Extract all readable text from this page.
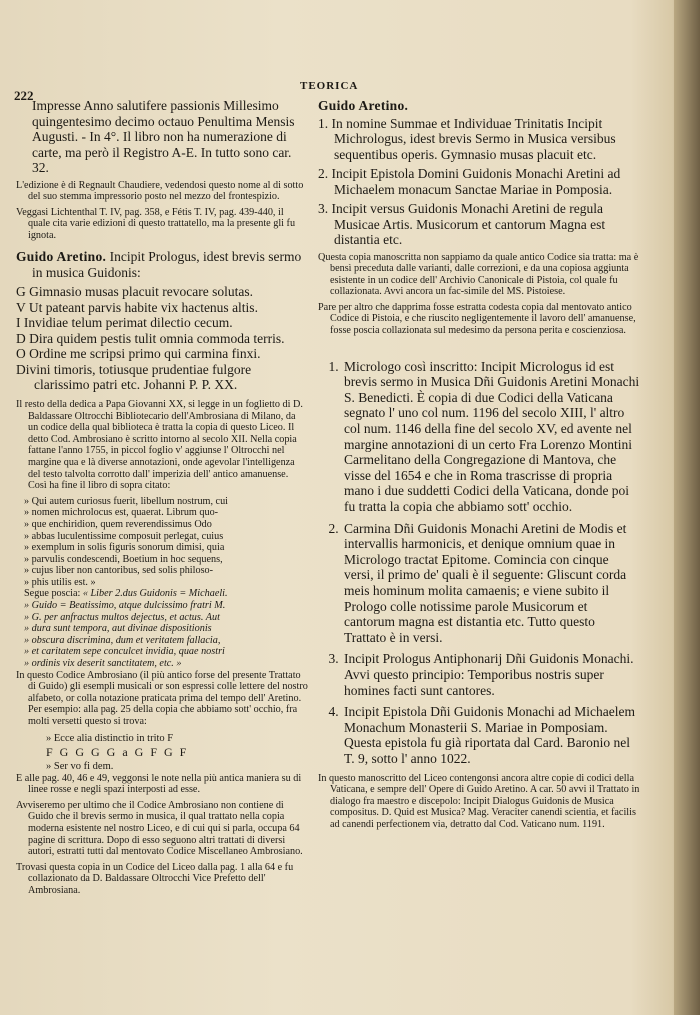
222
TEORICA

Impresse Anno salutifere passionis Millesimo quingentesimo decimo octauo Penultima Mensis Augusti. - In 4°. Il libro non ha numerazione di carte, ma però il Registro A-E. In tutto sono car. 32.

L'edizione è di Regnault Chaudiere, vedendosi questo nome al di sotto del suo stemma impressorio posto nel mezzo del frontespizio.

Veggasi Lichtenthal T. IV, pag. 358, e Fétis T. IV, pag. 439-440, il quale cita varie edizioni di questo trattatello, ma la presente gli fu ignota.

Guido Aretino. Incipit Prologus, idest brevis sermo in musica Guidonis:

G Gimnasio musas placuit revocare solutas.
V Ut pateant parvis habite vix hactenus altis.
I Invidiae telum perimat dilectio cecum.
D Dira quidem pestis tulit omnia commoda terris.
O Ordine me scripsi primo qui carmina finxi.
Divini timoris, totiusque prudentiae fulgore clarissimo patri etc. Johanni P. P. XX.

Il resto della dedica a Papa Giovanni XX, si legge in un foglietto di D. Baldassare Oltrocchi Bibliotecario dell'Ambrosiana di Milano, da un codice della qual biblioteca è tratta la copia di questo Liceo. Il detto Cod. Ambrosiano è scritto intorno al secolo XII. Nella copia fattane l'anno 1755, in piccol foglio v' aggiunse l' Oltrocchi nel margine qua e là diverse annotazioni, onde agevolar l'intelligenza del testo talvolta corrotto dall' imperizia dell' antico amanuense. Così ha fine il libro di sopra citato:

» Qui autem curiosus fuerit, libellum nostrum, cui
» nomen michrolocus est, quaerat. Librum quo-
» que enchiridion, quem reverendissimus Odo
» abbas luculentissime composuit perlegat, cuius
» exemplum in solis figuris sonorum dimisi, quia
» parvulis condescendi, Boetium in hoc sequens,
» cujus liber non cantoribus, sed solis philoso-
» phis utilis est. »
Segue poscia: « Liber 2.dus Guidonis = Michaeli.
» Guido = Beatissimo, atque dulcissimo fratri M.
» G. per anfractus multos dejectus, et actus. Aut
» dura sunt tempora, aut divinae dispositionis
» obscura discrimina, dum et veritatem fallacia,
» et caritatem sepe conculcet invidia, quae nostri
» ordinis vix deserit sanctitatem, etc. »

In questo Codice Ambrosiano (il più antico forse del presente Trattato di Guido) gli esempli musicali or son espressi colle lettere del nostro alfabeto, or colla notazione praticata prima del tempo dell' Aretino. Per esempio: alla pag. 25 della copia che abbiamo sott' occhio, fra molti versetti questo si trova:

» Ecce alia distinctio in trito F
F G G G G a G F G F
» Ser vo fi dem.

E alle pag. 40, 46 e 49, veggonsi le note nella più antica maniera su di linee rosse e negli spazi interposti ad esse.

Avviseremo per ultimo che il Codice Ambrosiano non contiene di Guido che il brevis sermo in musica, il qual trattato nella copia moderna esistente nel nostro Liceo, e di cui qui si parla, occupa 64 pagine di scrittura. Dopo di esso seguono altri trattati di diversi autori, estratti tutti dal mentovato Codice Miscellaneo Ambrosiano.

Trovasi questa copia in un Codice del Liceo dalla pag. 1 alla 64 e fu collazionato da D. Baldassare Oltrocchi Vice Prefetto dell' Ambrosiana.

Guido Aretino.

1. In nomine Summae et Individuae Trinitatis Incipit Michrologus, idest brevis Sermo in Musica versibus sequentibus operis. Gymnasio musas placuit etc.

2. Incipit Epistola Domini Guidonis Monachi Aretini ad Michaelem monacum Sanctae Mariae in Pomposia.

3. Incipit versus Guidonis Monachi Aretini de regula Musicae Artis. Musicorum et cantorum Magna est distantia etc.

Questa copia manoscritta non sappiamo da quale antico Codice sia tratta: ma è bensì preceduta dalle varianti, dalle correzioni, e da una copiosa aggiunta esistente in un codice dell' Archivio Canonicale di Pistoia, col quale fu collazionata. Avvi ancora un fac-simile del MS. Pistoiese.

Pare per altro che dapprima fosse estratta codesta copia dal mentovato antico Codice di Pistoia, e che riuscito negligentemente il lavoro dell' amanuense, fosse poscia collazionata sul medesimo da persona perita e coscienziosa.

1. Micrologo così inscritto: Incipit Micrologus id est brevis sermo in Musica Dñi Guidonis Aretini Monachi S. Benedicti. È copia di due Codici della Vaticana segnato l' uno col num. 1196 del secolo XIII, l' altro col num. 1146 della fine del secolo XV, ed avente nel margine annotazioni di un certo Fra Lorenzo Montini Carmelitano della Congregazione di Mantova, che visse del 1654 e che in Roma trascrisse di propria mano i due suddetti Codici della Vaticana, donde poi fu tratta la copia che abbiamo sott' occhio.
2. Carmina Dñi Guidonis Monachi Aretini de Modis et intervallis harmonicis, et denique omnium quae in Micrologo tractat Epitome. Comincia con cinque versi, il primo de' quali è il seguente: Gliscunt corda meis hominum molita camaenis; e viene subito il Prologo colle notissime parole Musicorum et cantorum magna est distantia etc. Tutto questo Trattato è in versi.
3. Incipit Prologus Antiphonarij Dñi Guidonis Monachi. Avvi questo principio: Temporibus nostris super homines facti sunt cantores.
4. Incipit Epistola Dñi Guidonis Monachi ad Michaelem Monachum Monasterii S. Mariae in Pomposiam. Questa epistola fu già riportata dal Card. Baronio nel T. 9, sotto l' anno 1022.

In questo manoscritto del Liceo contengonsi ancora altre copie di codici della Vaticana, e sempre dell' Opere di Guido Aretino. A car. 50 avvi il Trattato in dialogo fra maestro e discepolo: Incipit Dialogus Guidonis de Musica compositus. D. Quid est Musica? Mag. Veraciter canendi scientia, et facilis ad canendi perfectionem via, detratto dal Cod. Vaticano num. 1191.
